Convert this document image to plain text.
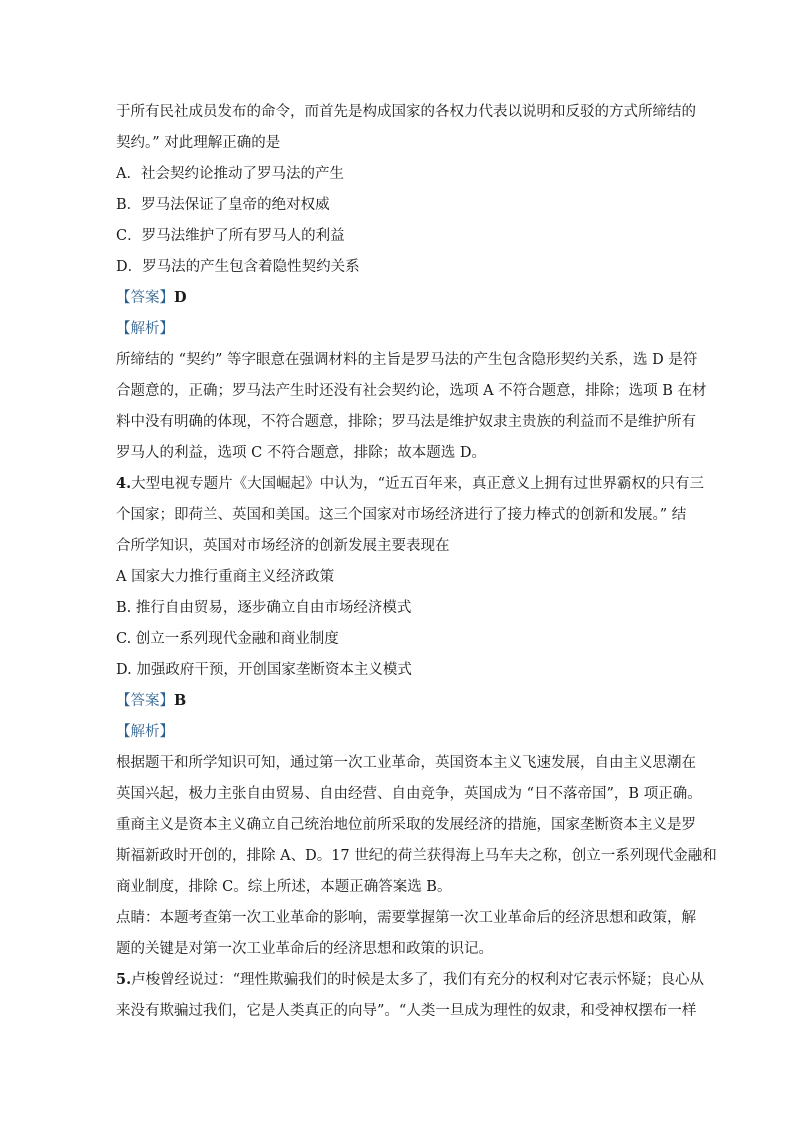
于所有民社成员发布的命令，而首先是构成国家的各权力代表以说明和反驳的方式所缔结的
契约。” 对此理解正确的是
A．社会契约论推动了罗马法的产生
B．罗马法保证了皇帝的绝对权威
C．罗马法维护了所有罗马人的利益
D．罗马法的产生包含着隐性契约关系
【答案】D
【解析】
所缔结的 “契约” 等字眼意在强调材料的主旨是罗马法的产生包含隐形契约关系，选 D 是符
合题意的，正确；罗马法产生时还没有社会契约论，选项 A 不符合题意，排除；选项 B 在材
料中没有明确的体现，不符合题意，排除；罗马法是维护奴隶主贵族的利益而不是维护所有
罗马人的利益，选项 C 不符合题意，排除；故本题选 D。
4.大型电视专题片《大国崛起》中认为，“近五百年来，真正意义上拥有过世界霸权的只有三
个国家；即荷兰、英国和美国。这三个国家对市场经济进行了接力棒式的创新和发展。” 结
合所学知识，英国对市场经济的创新发展主要表现在
A 国家大力推行重商主义经济政策
B. 推行自由贸易，逐步确立自由市场经济模式
C. 创立一系列现代金融和商业制度
D. 加强政府干预，开创国家垄断资本主义模式
【答案】B
【解析】
根据题干和所学知识可知，通过第一次工业革命，英国资本主义飞速发展，自由主义思潮在
英国兴起，极力主张自由贸易、自由经营、自由竞争，英国成为 “日不落帝国”，B 项正确。
重商主义是资本主义确立自己统治地位前所采取的发展经济的措施，国家垄断资本主义是罗
斯福新政时开创的，排除 A、D。17 世纪的荷兰获得海上马车夫之称，创立一系列现代金融和
商业制度，排除 C。综上所述，本题正确答案选 B。
点睛：本题考查第一次工业革命的影响，需要掌握第一次工业革命后的经济思想和政策，解
题的关键是对第一次工业革命后的经济思想和政策的识记。
5.卢梭曾经说过：“理性欺骗我们的时候是太多了，我们有充分的权利对它表示怀疑；良心从
来没有欺骗过我们，它是人类真正的向导”。“人类一旦成为理性的奴隶，和受神权摆布一样
